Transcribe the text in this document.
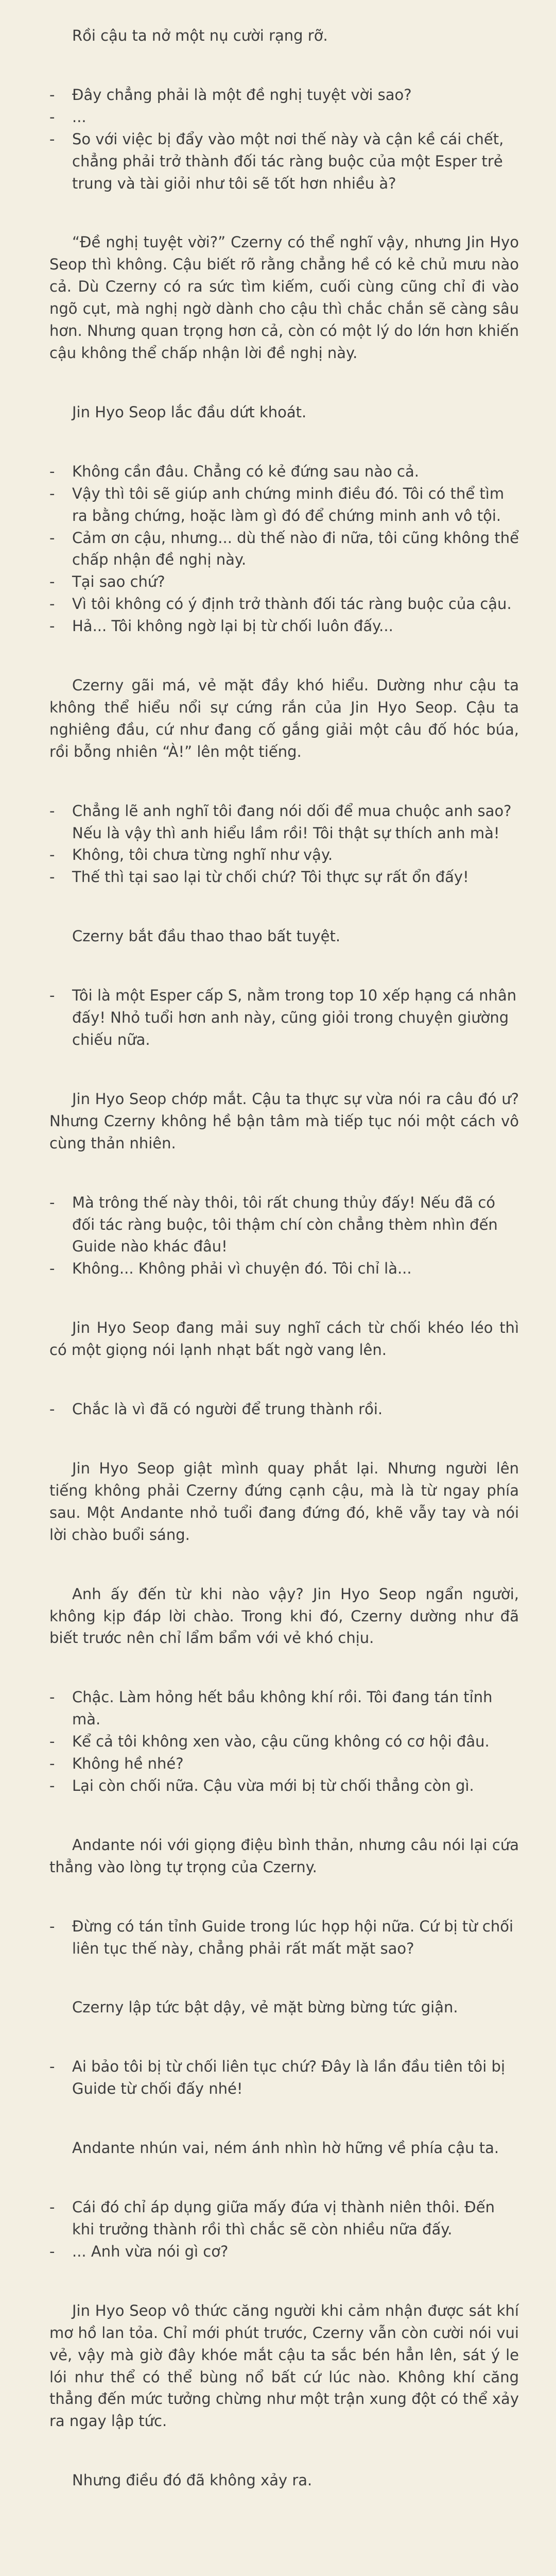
Rồi cậu ta nở một nụ cười rạng rỡ.

- Đây chẳng phải là một đề nghị tuyệt vời sao?

- ...

- So với việc bị đẩy vào một nơi thế này và cận kề cái chết, chẳng phải trở thành đối tác ràng buộc của một Esper trẻ trung và tài giỏi như tôi sẽ tốt hơn nhiều à?

“Đề nghị tuyệt vời?” Czerny có thể nghĩ vậy, nhưng Jin Hyo Seop thì không. Cậu biết rõ rằng chẳng hề có kẻ chủ mưu nào cả. Dù Czerny có ra sức tìm kiếm, cuối cùng cũng chỉ đi vào ngõ cụt, mà nghị ngờ dành cho cậu thì chắc chắn sẽ càng sâu hơn. Nhưng quan trọng hơn cả, còn có một lý do lớn hơn khiến cậu không thể chấp nhận lời đề nghị này.

Jin Hyo Seop lắc đầu dứt khoát.

- Không cần đâu. Chẳng có kẻ đứng sau nào cả.

- Vậy thì tôi sẽ giúp anh chứng minh điều đó. Tôi có thể tìm ra bằng chứng, hoặc làm gì đó để chứng minh anh vô tội.

- Cảm ơn cậu, nhưng... dù thế nào đi nữa, tôi cũng không thể chấp nhận đề nghị này.

- Tại sao chứ?

- Vì tôi không có ý định trở thành đối tác ràng buộc của cậu.

- Hả... Tôi không ngờ lại bị từ chối luôn đấy...

Czerny gãi má, vẻ mặt đầy khó hiểu. Dường như cậu ta không thể hiểu nổi sự cứng rắn của Jin Hyo Seop. Cậu ta nghiêng đầu, cứ như đang cố gắng giải một câu đố hóc búa, rồi bỗng nhiên “À!” lên một tiếng.

- Chẳng lẽ anh nghĩ tôi đang nói dối để mua chuộc anh sao? Nếu là vậy thì anh hiểu lầm rồi! Tôi thật sự thích anh mà!

- Không, tôi chưa từng nghĩ như vậy.

- Thế thì tại sao lại từ chối chứ? Tôi thực sự rất ổn đấy!

Czerny bắt đầu thao thao bất tuyệt.

- Tôi là một Esper cấp S, nằm trong top 10 xếp hạng cá nhân đấy! Nhỏ tuổi hơn anh này, cũng giỏi trong chuyện giường chiếu nữa.

Jin Hyo Seop chớp mắt. Cậu ta thực sự vừa nói ra câu đó ư? Nhưng Czerny không hề bận tâm mà tiếp tục nói một cách vô cùng thản nhiên.

- Mà trông thế này thôi, tôi rất chung thủy đấy! Nếu đã có đối tác ràng buộc, tôi thậm chí còn chẳng thèm nhìn đến Guide nào khác đâu!

- Không... Không phải vì chuyện đó. Tôi chỉ là...

Jin Hyo Seop đang mải suy nghĩ cách từ chối khéo léo thì có một giọng nói lạnh nhạt bất ngờ vang lên.

- Chắc là vì đã có người để trung thành rồi.

Jin Hyo Seop giật mình quay phắt lại. Nhưng người lên tiếng không phải Czerny đứng cạnh cậu, mà là từ ngay phía sau. Một Andante nhỏ tuổi đang đứng đó, khẽ vẫy tay và nói lời chào buổi sáng.

Anh ấy đến từ khi nào vậy? Jin Hyo Seop ngẩn người, không kịp đáp lời chào. Trong khi đó, Czerny dường như đã biết trước nên chỉ lẩm bẩm với vẻ khó chịu.

- Chậc. Làm hỏng hết bầu không khí rồi. Tôi đang tán tỉnh mà.

- Kể cả tôi không xen vào, cậu cũng không có cơ hội đâu.

- Không hề nhé?

- Lại còn chối nữa. Cậu vừa mới bị từ chối thẳng còn gì.

Andante nói với giọng điệu bình thản, nhưng câu nói lại cứa thẳng vào lòng tự trọng của Czerny.

- Đừng có tán tỉnh Guide trong lúc họp hội nữa. Cứ bị từ chối liên tục thế này, chẳng phải rất mất mặt sao?

Czerny lập tức bật dậy, vẻ mặt bừng bừng tức giận.

- Ai bảo tôi bị từ chối liên tục chứ? Đây là lần đầu tiên tôi bị Guide từ chối đấy nhé!

Andante nhún vai, ném ánh nhìn hờ hững về phía cậu ta.

- Cái đó chỉ áp dụng giữa mấy đứa vị thành niên thôi. Đến khi trưởng thành rồi thì chắc sẽ còn nhiều nữa đấy.

- ... Anh vừa nói gì cơ?

Jin Hyo Seop vô thức căng người khi cảm nhận được sát khí mơ hồ lan tỏa. Chỉ mới phút trước, Czerny vẫn còn cười nói vui vẻ, vậy mà giờ đây khóe mắt cậu ta sắc bén hẳn lên, sát ý le lói như thể có thể bùng nổ bất cứ lúc nào. Không khí căng thẳng đến mức tưởng chừng như một trận xung đột có thể xảy ra ngay lập tức.

Nhưng điều đó đã không xảy ra.
